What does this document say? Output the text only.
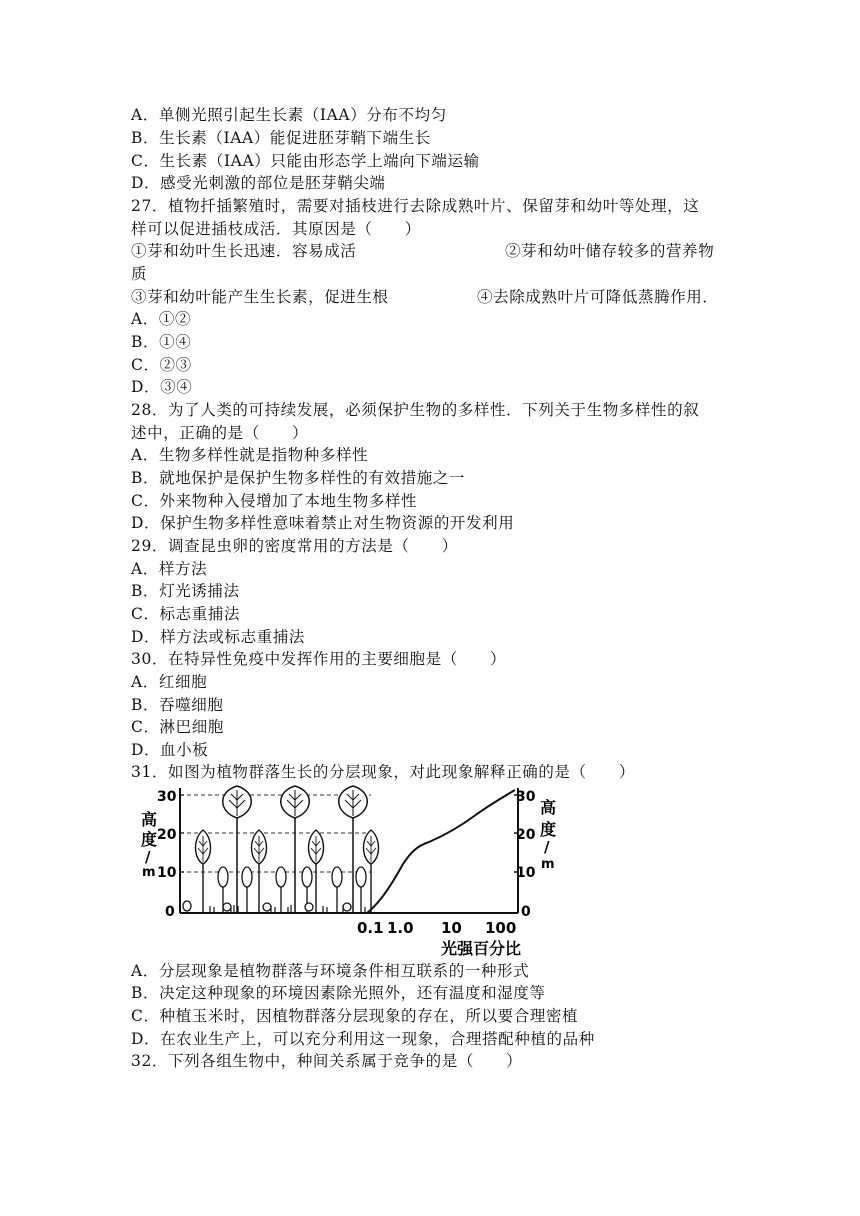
A．单侧光照引起生长素（IAA）分布不均匀
B．生长素（IAA）能促进胚芽鞘下端生长
C．生长素（IAA）只能由形态学上端向下端运输
D．感受光刺激的部位是胚芽鞘尖端
27．植物扦插繁殖时，需要对插枝进行去除成熟叶片、保留芽和幼叶等处理，这
样可以促进插枝成活．其原因是（　　）
①芽和幼叶生长迅速．容易成活	②芽和幼叶储存较多的营养物
质
③芽和幼叶能产生生长素，促进生根	④去除成熟叶片可降低蒸腾作用．
A．①②
B．①④
C．②③
D．③④
28．为了人类的可持续发展，必须保护生物的多样性．下列关于生物多样性的叙
述中，正确的是（　　）
A．生物多样性就是指物种多样性
B．就地保护是保护生物多样性的有效措施之一
C．外来物种入侵增加了本地生物多样性
D．保护生物多样性意味着禁止对生物资源的开发利用
29．调查昆虫卵的密度常用的方法是（　　）
A．样方法
B．灯光诱捕法
C．标志重捕法
D．样方法或标志重捕法
30．在特异性免疫中发挥作用的主要细胞是（　　）
A．红细胞
B．吞噬细胞
C．淋巴细胞
D．血小板
31．如图为植物群落生长的分层现象，对此现象解释正确的是（　　）
高
度
/
m
0
10
20
30	30
20
10
0
高
度
/
m
0.1 1.0 10 100
光强百分比
A．分层现象是植物群落与环境条件相互联系的一种形式
B．决定这种现象的环境因素除光照外，还有温度和湿度等
C．种植玉米时，因植物群落分层现象的存在，所以要合理密植
D．在农业生产上，可以充分利用这一现象，合理搭配种植的品种
32．下列各组生物中，种间关系属于竞争的是（　　）
